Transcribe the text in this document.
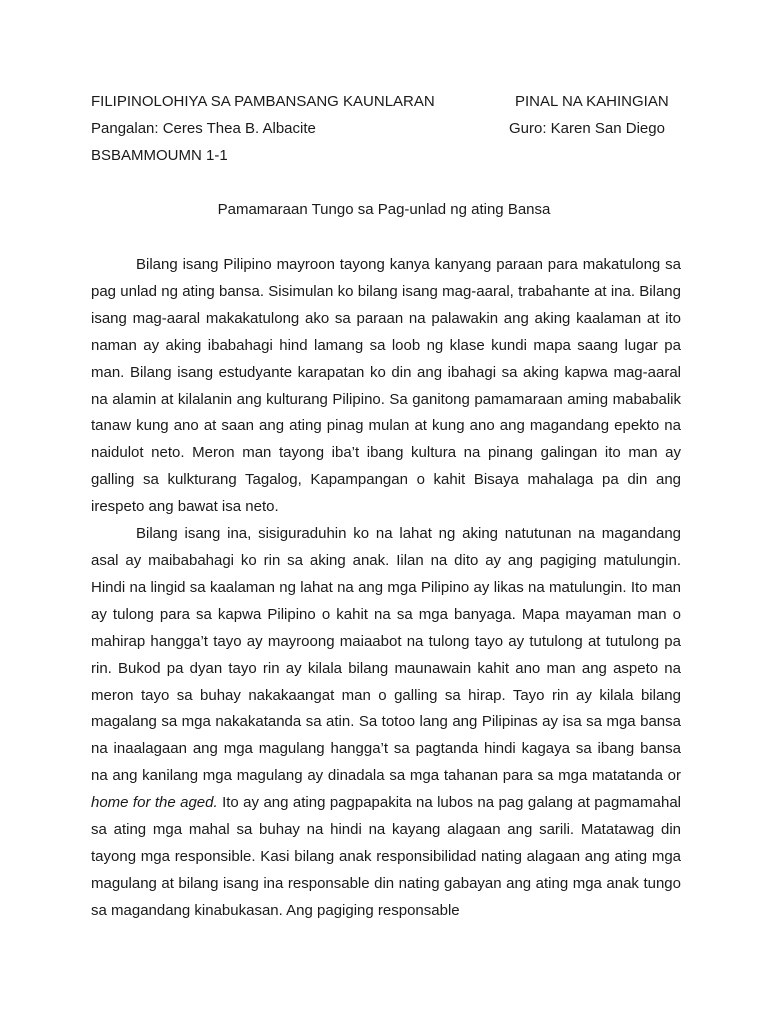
FILIPINOLOHIYA SA PAMBANSANG KAUNLARAN	PINAL NA KAHINGIAN
Pangalan: Ceres Thea B. Albacite	Guro: Karen San Diego
BSBAMMOUMN 1-1
Pamamaraan Tungo sa Pag-unlad ng ating Bansa

Bilang isang Pilipino mayroon tayong kanya kanyang paraan para makatulong sa pag unlad ng ating bansa. Sisimulan ko bilang isang mag-aaral, trabahante at ina. Bilang isang mag-aaral makakatulong ako sa paraan na palawakin ang aking kaalaman at ito naman ay aking ibabahagi hind lamang sa loob ng klase kundi mapa saang lugar pa man. Bilang isang estudyante karapatan ko din ang ibahagi sa aking kapwa mag-aaral na alamin at kilalanin ang kulturang Pilipino. Sa ganitong pamamaraan aming mababalik tanaw kung ano at saan ang ating pinag mulan at kung ano ang magandang epekto na naidulot neto. Meron man tayong iba’t ibang kultura na pinang galingan ito man ay galling sa kulkturang Tagalog, Kapampangan o kahit Bisaya mahalaga pa din ang irespeto ang bawat isa neto.

Bilang isang ina, sisiguraduhin ko na lahat ng aking natutunan na magandang asal ay maibabahagi ko rin sa aking anak. Iilan na dito ay ang pagiging matulungin. Hindi na lingid sa kaalaman ng lahat na ang mga Pilipino ay likas na matulungin. Ito man ay tulong para sa kapwa Pilipino o kahit na sa mga banyaga. Mapa mayaman man o mahirap hangga’t tayo ay mayroong maiaabot na tulong tayo ay tutulong at tutulong pa rin. Bukod pa dyan tayo rin ay kilala bilang maunawain kahit ano man ang aspeto na meron tayo sa buhay nakakaangat man o galling sa hirap. Tayo rin ay kilala bilang magalang sa mga nakakatanda sa atin. Sa totoo lang ang Pilipinas ay isa sa mga bansa na inaalagaan ang mga magulang hangga’t sa pagtanda hindi kagaya sa ibang bansa na ang kanilang mga magulang ay dinadala sa mga tahanan para sa mga matatanda or home for the aged. Ito ay ang ating pagpapakita na lubos na pag galang at pagmamahal sa ating mga mahal sa buhay na hindi na kayang alagaan ang sarili. Matatawag din tayong mga responsible. Kasi bilang anak responsibilidad nating alagaan ang ating mga magulang at bilang isang ina responsable din nating gabayan ang ating mga anak tungo sa magandang kinabukasan. Ang pagiging responsable
